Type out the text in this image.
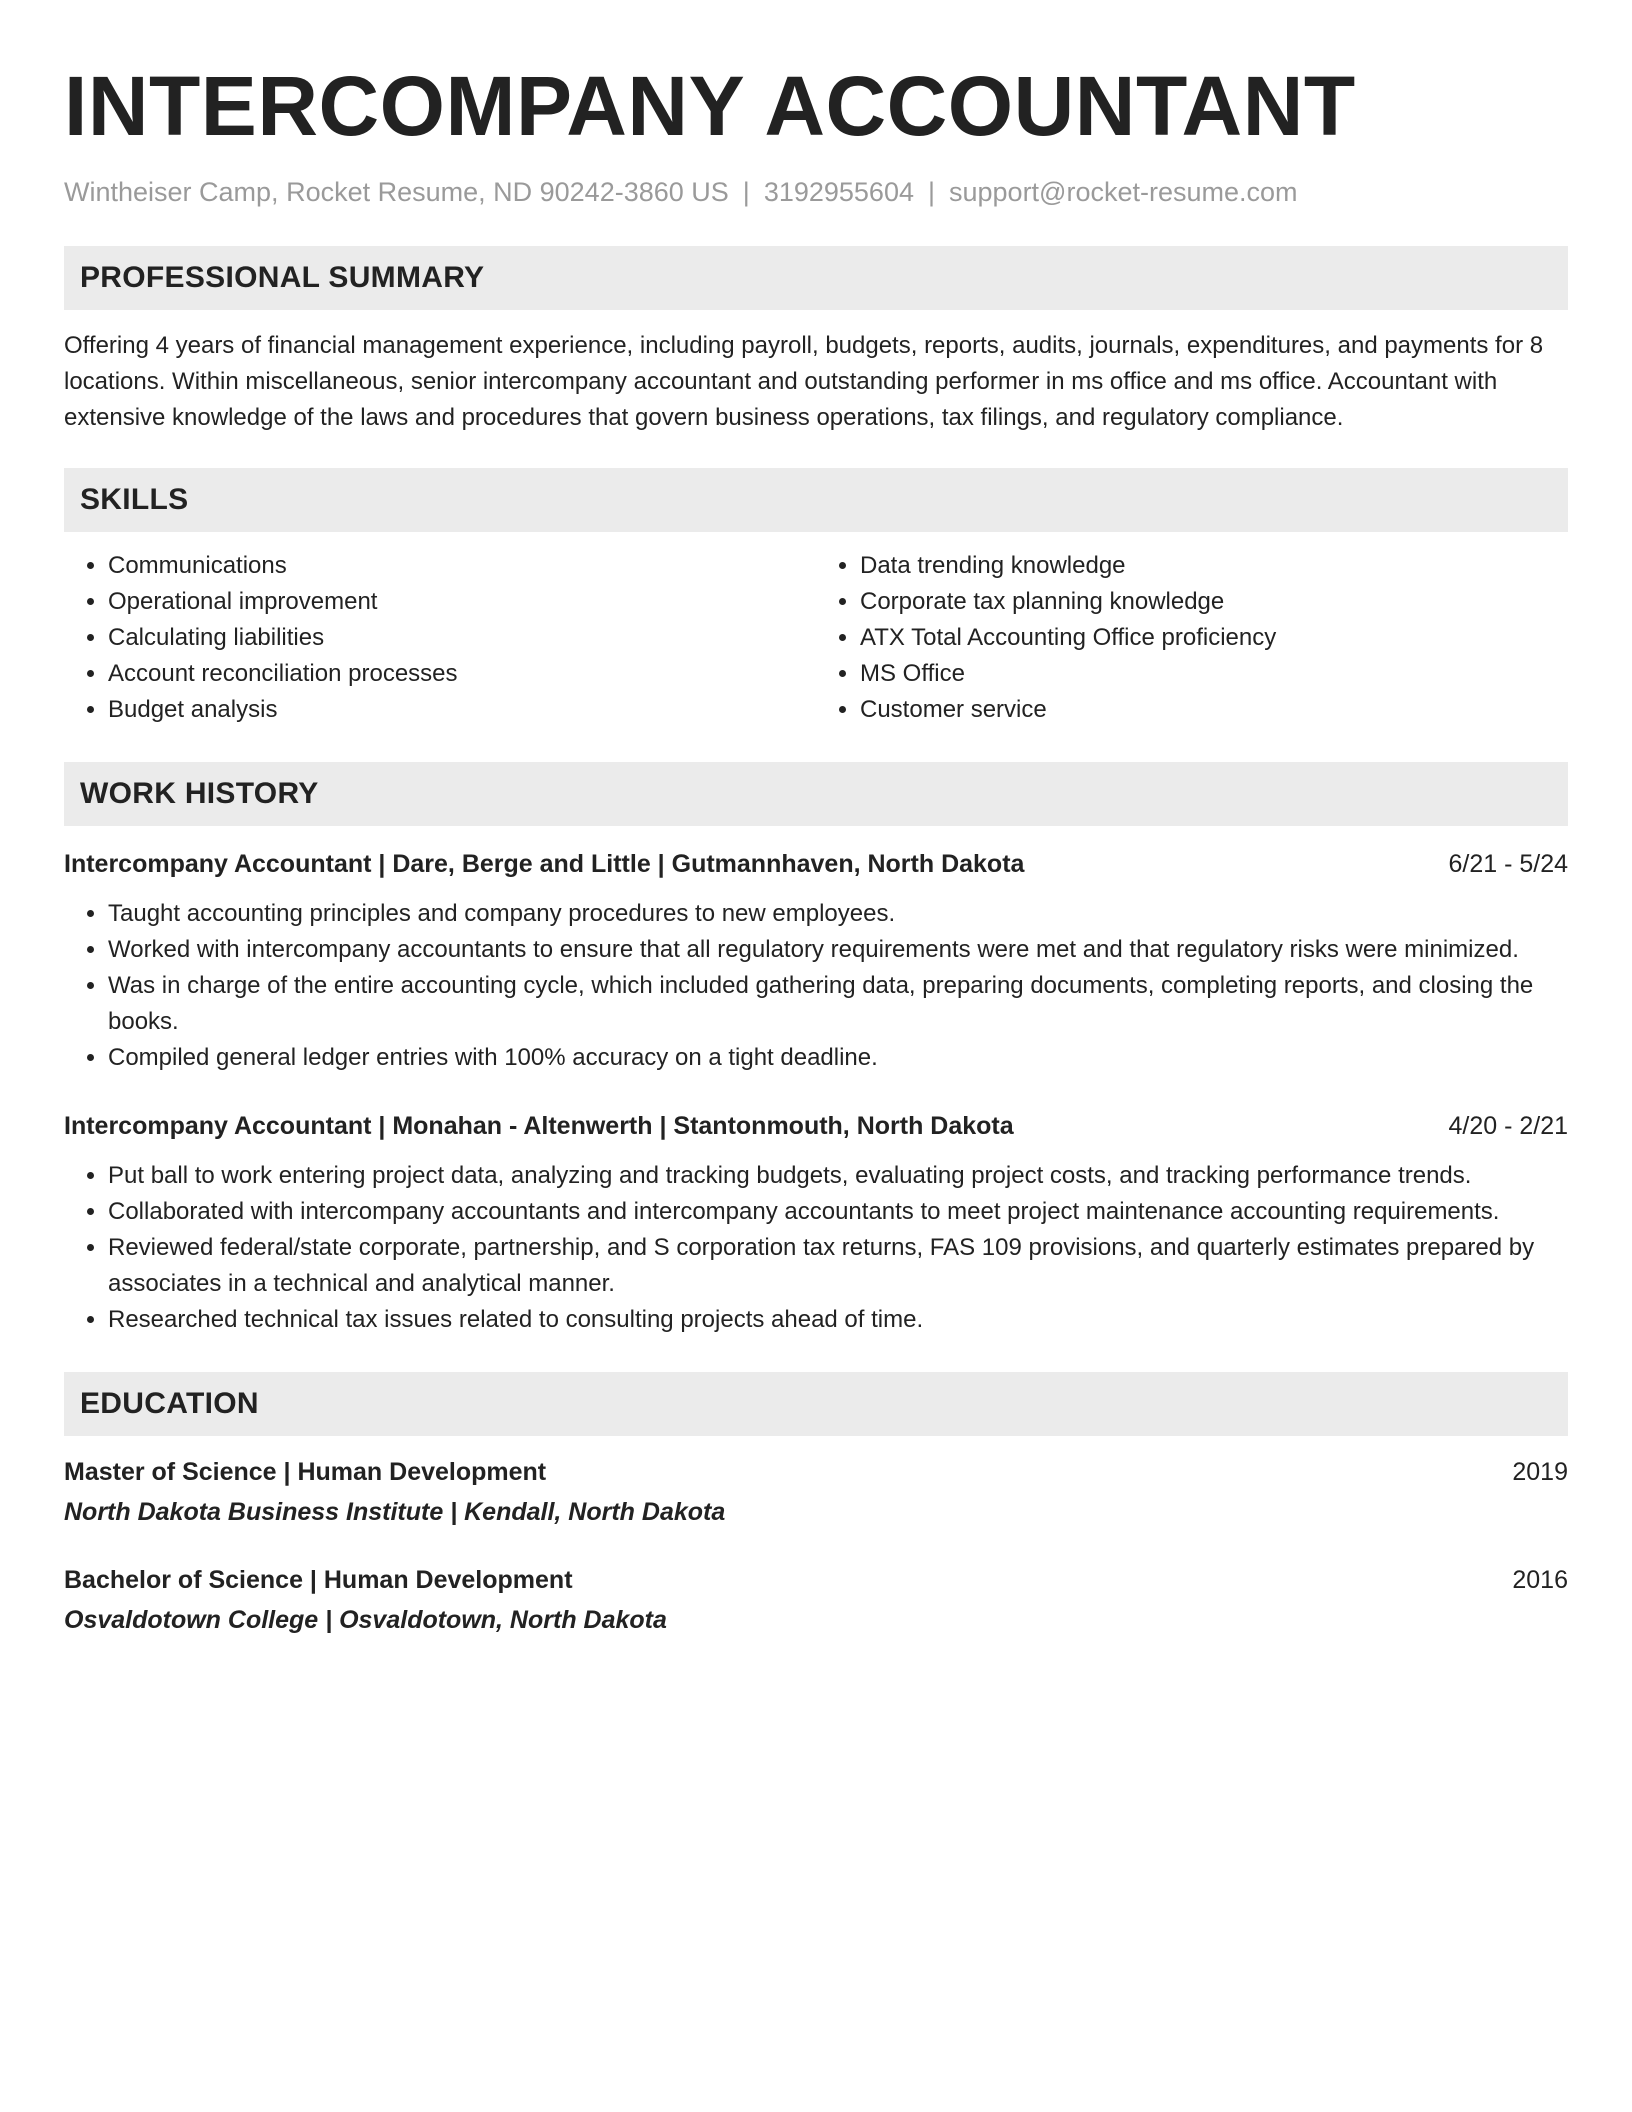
INTERCOMPANY ACCOUNTANT
Wintheiser Camp, Rocket Resume, ND 90242-3860 US | 3192955604 | support@rocket-resume.com
PROFESSIONAL SUMMARY

Offering 4 years of financial management experience, including payroll, budgets, reports, audits, journals, expenditures, and payments for 8 locations. Within miscellaneous, senior intercompany accountant and outstanding performer in ms office and ms office. Accountant with extensive knowledge of the laws and procedures that govern business operations, tax filings, and regulatory compliance.

SKILLS
• Communications
• Operational improvement
• Calculating liabilities
• Account reconciliation processes
• Budget analysis
• Data trending knowledge
• Corporate tax planning knowledge
• ATX Total Accounting Office proficiency
• MS Office
• Customer service
WORK HISTORY
Intercompany Accountant | Dare, Berge and Little | Gutmannhaven, North Dakota	6/21 - 5/24
• Taught accounting principles and company procedures to new employees.
• Worked with intercompany accountants to ensure that all regulatory requirements were met and that regulatory risks were minimized.
• Was in charge of the entire accounting cycle, which included gathering data, preparing documents, completing reports, and closing the books.
• Compiled general ledger entries with 100% accuracy on a tight deadline.
Intercompany Accountant | Monahan - Altenwerth | Stantonmouth, North Dakota	4/20 - 2/21
• Put ball to work entering project data, analyzing and tracking budgets, evaluating project costs, and tracking performance trends.
• Collaborated with intercompany accountants and intercompany accountants to meet project maintenance accounting requirements.
• Reviewed federal/state corporate, partnership, and S corporation tax returns, FAS 109 provisions, and quarterly estimates prepared by associates in a technical and analytical manner.
• Researched technical tax issues related to consulting projects ahead of time.
EDUCATION
Master of Science | Human Development	2019
North Dakota Business Institute | Kendall, North Dakota
Bachelor of Science | Human Development	2016
Osvaldotown College | Osvaldotown, North Dakota
